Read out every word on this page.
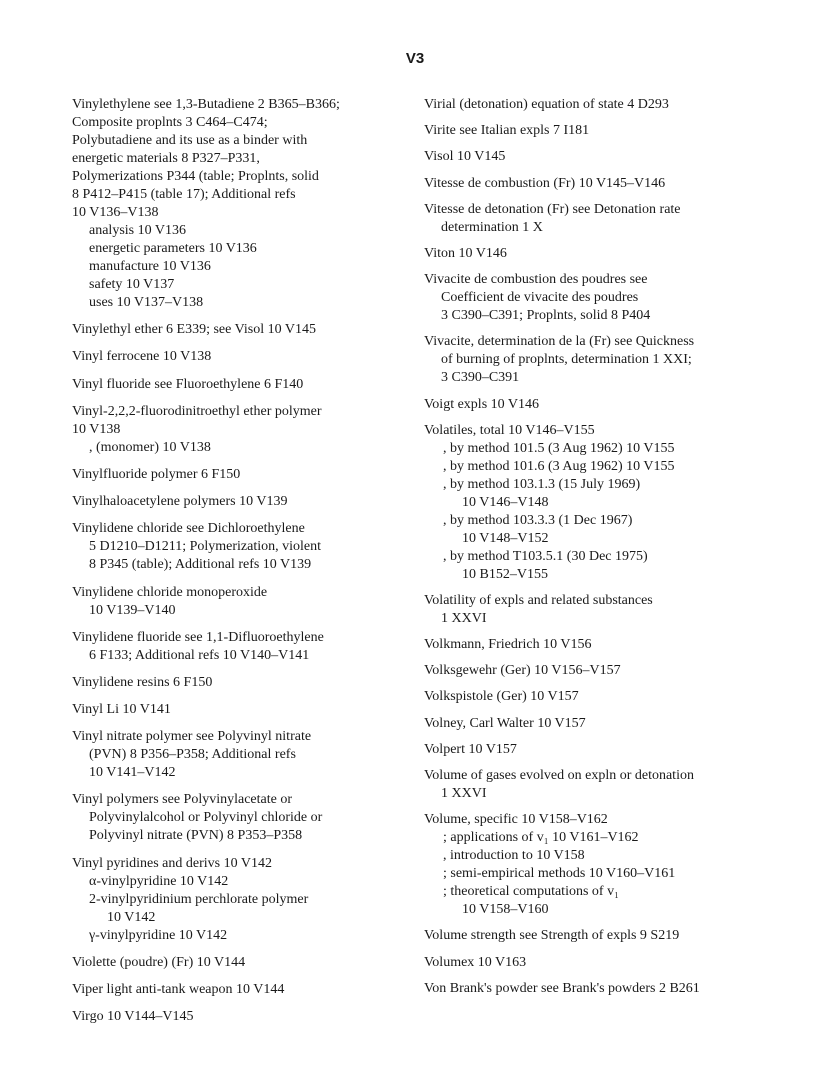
V3
Vinylethylene see 1,3-Butadiene 2 B365–B366;
Composite proplnts 3 C464–C474;
Polybutadiene and its use as a binder with
energetic materials 8 P327–P331,
Polymerizations P344 (table; Proplnts, solid
8 P412–P415 (table 17); Additional refs
10 V136–V138
analysis 10 V136
energetic parameters 10 V136
manufacture 10 V136
safety 10 V137
uses 10 V137–V138
Vinylethyl ether 6 E339; see Visol 10 V145
Vinyl ferrocene 10 V138
Vinyl fluoride see Fluoroethylene 6 F140
Vinyl-2,2,2-fluorodinitroethyl ether polymer
10 V138
, (monomer) 10 V138
Vinylfluoride polymer 6 F150
Vinylhaloacetylene polymers 10 V139
Vinylidene chloride see Dichloroethylene
5 D1210–D1211; Polymerization, violent
8 P345 (table); Additional refs 10 V139
Vinylidene chloride monoperoxide
10 V139–V140
Vinylidene fluoride see 1,1-Difluoroethylene
6 F133; Additional refs 10 V140–V141
Vinylidene resins 6 F150
Vinyl Li 10 V141
Vinyl nitrate polymer see Polyvinyl nitrate
(PVN) 8 P356–P358; Additional refs
10 V141–V142
Vinyl polymers see Polyvinylacetate or
Polyvinylalcohol or Polyvinyl chloride or
Polyvinyl nitrate (PVN) 8 P353–P358
Vinyl pyridines and derivs 10 V142
α-vinylpyridine 10 V142
2-vinylpyridinium perchlorate polymer
10 V142
γ-vinylpyridine 10 V142
Violette (poudre) (Fr) 10 V144
Viper light anti-tank weapon 10 V144
Virgo 10 V144–V145
Virial (detonation) equation of state 4 D293
Virite see Italian expls 7 I181
Visol 10 V145
Vitesse de combustion (Fr) 10 V145–V146
Vitesse de detonation (Fr) see Detonation rate
determination 1 X
Viton 10 V146
Vivacite de combustion des poudres see
Coefficient de vivacite des poudres
3 C390–C391; Proplnts, solid 8 P404
Vivacite, determination de la (Fr) see Quickness
of burning of proplnts, determination 1 XXI;
3 C390–C391
Voigt expls 10 V146
Volatiles, total 10 V146–V155
, by method 101.5 (3 Aug 1962) 10 V155
, by method 101.6 (3 Aug 1962) 10 V155
, by method 103.1.3 (15 July 1969)
10 V146–V148
, by method 103.3.3 (1 Dec 1967)
10 V148–V152
, by method T103.5.1 (30 Dec 1975)
10 B152–V155
Volatility of expls and related substances
1 XXVI
Volkmann, Friedrich 10 V156
Volksgewehr (Ger) 10 V156–V157
Volkspistole (Ger) 10 V157
Volney, Carl Walter 10 V157
Volpert 10 V157
Volume of gases evolved on expln or detonation
1 XXVI
Volume, specific 10 V158–V162
; applications of v₁ 10 V161–V162
, introduction to 10 V158
; semi-empirical methods 10 V160–V161
; theoretical computations of v₁
10 V158–V160
Volume strength see Strength of expls 9 S219
Volumex 10 V163
Von Brank's powder see Brank's powders 2 B261
